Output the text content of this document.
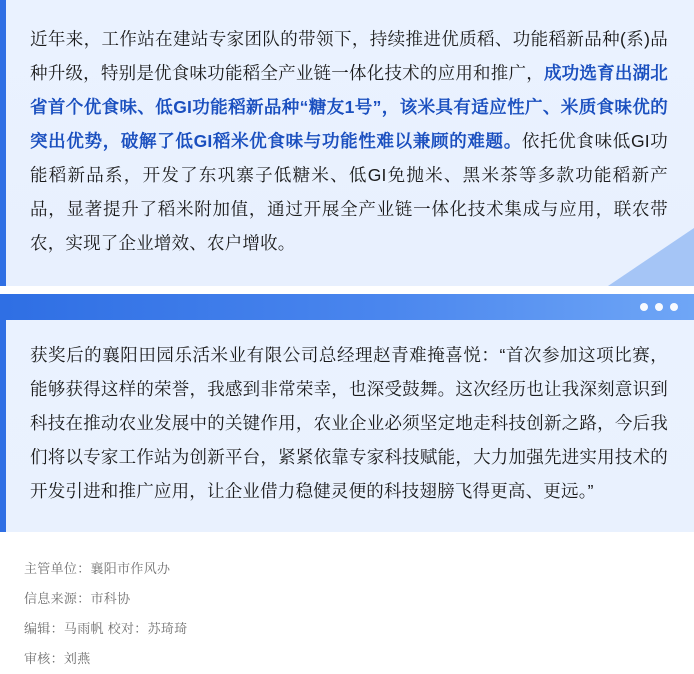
近年来，工作站在建站专家团队的带领下，持续推进优质稻、功能稻新品种(系)品种升级，特别是优食味功能稻全产业链一体化技术的应用和推广，成功选育出湖北省首个优食味、低GI功能稻新品种“糖友1号”，该米具有适应性广、米质食味优的突出优势，破解了低GI稻米优食味与功能性难以兼顾的难题。依托优食味低GI功能稻新品系，开发了东巩寨子低糖米、低GI免抛米、黑米茶等多款功能稻新产品，显著提升了稻米附加值，通过开展全产业链一体化技术集成与应用，联农带农，实现了企业增效、农户增收。

获奖后的襄阳田园乐活米业有限公司总经理赵青难掩喜悦：“首次参加这项比赛，能够获得这样的荣誉，我感到非常荣幸，也深受鼓舞。这次经历也让我深刻意识到科技在推动农业发展中的关键作用，农业企业必须坚定地走科技创新之路，今后我们将以专家工作站为创新平台，紧紧依靠专家科技赋能，大力加强先进实用技术的开发引进和推广应用，让企业借力稳健灵便的科技翅膀飞得更高、更远。”

主管单位：襄阳市作风办
信息来源：市科协
编辑：马雨帆 校对：苏琦琦
审核：刘燕
